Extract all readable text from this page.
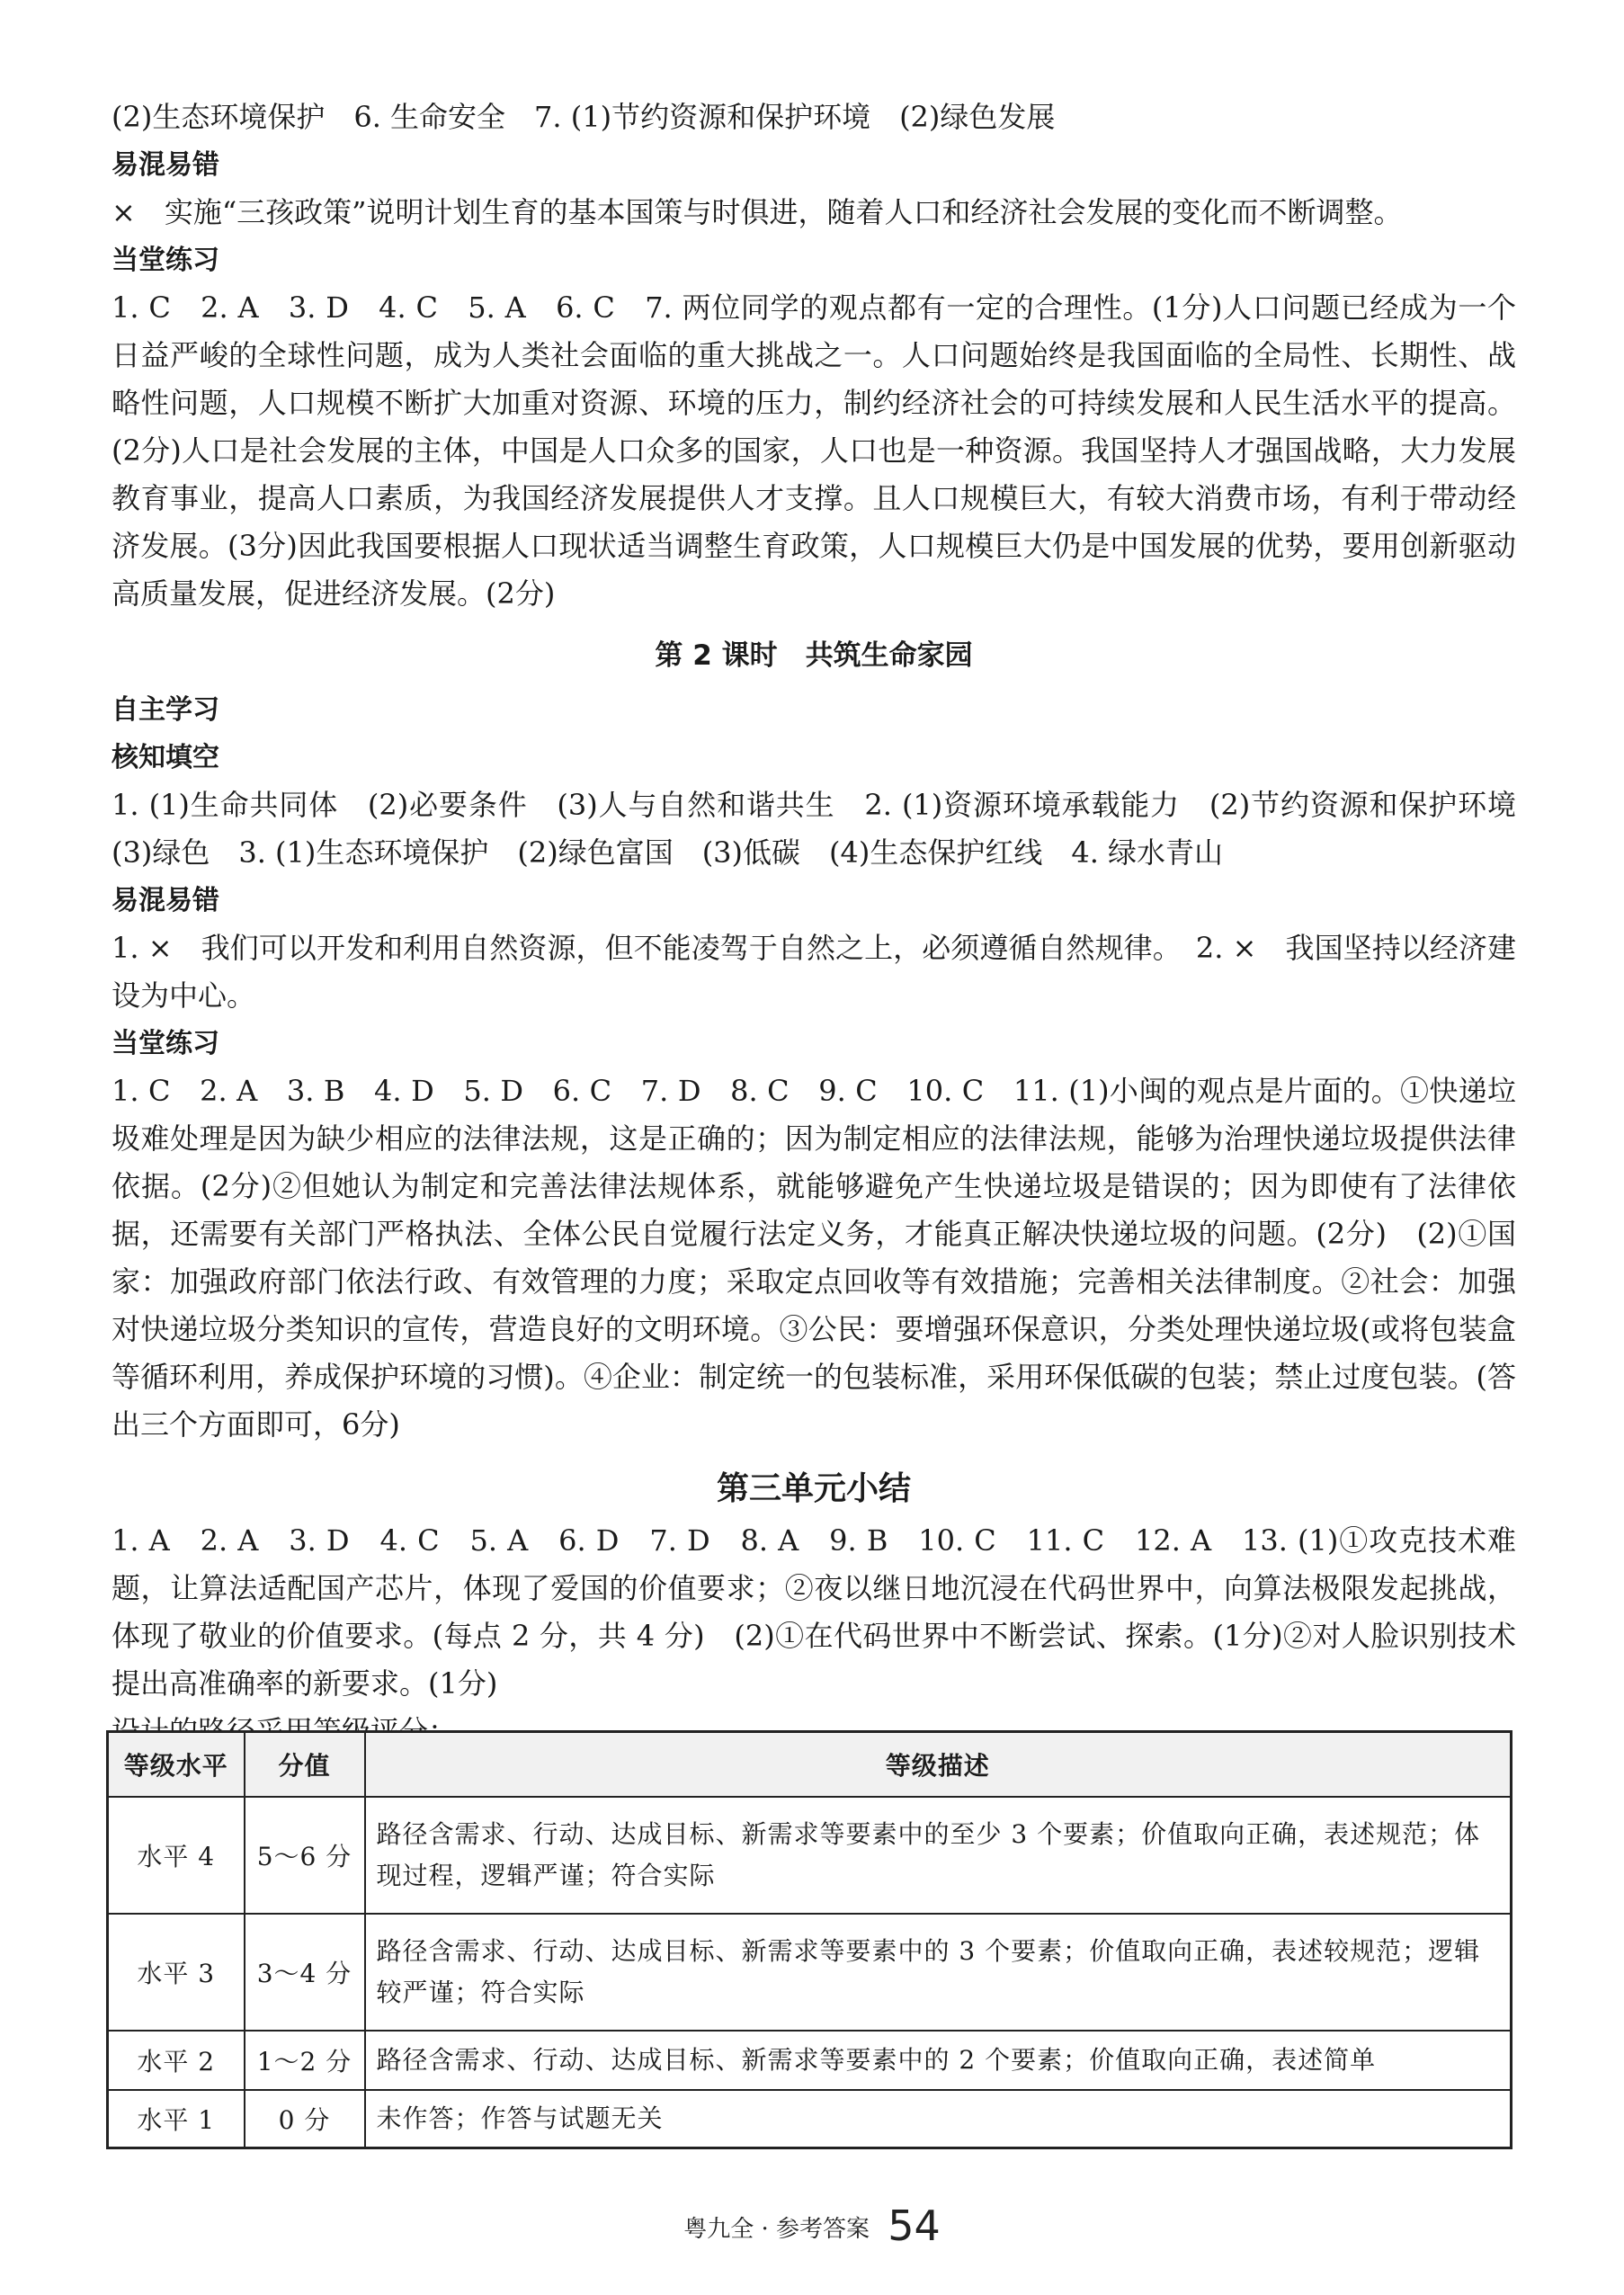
(2)生态环境保护　6. 生命安全　7. (1)节约资源和保护环境　(2)绿色发展
易混易错
×　实施“三孩政策”说明计划生育的基本国策与时俱进，随着人口和经济社会发展的变化而不断调整。
当堂练习
1. C　2. A　3. D　4. C　5. A　6. C　7. 两位同学的观点都有一定的合理性。(1分)人口问题已经成为一个日益严峻的全球性问题，成为人类社会面临的重大挑战之一。人口问题始终是我国面临的全局性、长期性、战略性问题，人口规模不断扩大加重对资源、环境的压力，制约经济社会的可持续发展和人民生活水平的提高。(2分)人口是社会发展的主体，中国是人口众多的国家，人口也是一种资源。我国坚持人才强国战略，大力发展教育事业，提高人口素质，为我国经济发展提供人才支撑。且人口规模巨大，有较大消费市场，有利于带动经济发展。(3分)因此我国要根据人口现状适当调整生育政策，人口规模巨大仍是中国发展的优势，要用创新驱动高质量发展，促进经济发展。(2分)
第 2 课时　共筑生命家园
自主学习
核知填空
1. (1)生命共同体　(2)必要条件　(3)人与自然和谐共生　2. (1)资源环境承载能力　(2)节约资源和保护环境　(3)绿色　3. (1)生态环境保护　(2)绿色富国　(3)低碳　(4)生态保护红线　4. 绿水青山
易混易错
1. ×　我们可以开发和利用自然资源，但不能凌驾于自然之上，必须遵循自然规律。　2. ×　我国坚持以经济建设为中心。
当堂练习
1. C　2. A　3. B　4. D　5. D　6. C　7. D　8. C　9. C　10. C　11. (1)小闽的观点是片面的。①快递垃圾难处理是因为缺少相应的法律法规，这是正确的；因为制定相应的法律法规，能够为治理快递垃圾提供法律依据。(2分)②但她认为制定和完善法律法规体系，就能够避免产生快递垃圾是错误的；因为即使有了法律依据，还需要有关部门严格执法、全体公民自觉履行法定义务，才能真正解决快递垃圾的问题。(2分)　(2)①国家：加强政府部门依法行政、有效管理的力度；采取定点回收等有效措施；完善相关法律制度。②社会：加强对快递垃圾分类知识的宣传，营造良好的文明环境。③公民：要增强环保意识，分类处理快递垃圾(或将包装盒等循环利用，养成保护环境的习惯)。④企业：制定统一的包装标准，采用环保低碳的包装；禁止过度包装。(答出三个方面即可，6分)
第三单元小结
1. A　2. A　3. D　4. C　5. A　6. D　7. D　8. A　9. B　10. C　11. C　12. A　13. (1)①攻克技术难题，让算法适配国产芯片，体现了爱国的价值要求；②夜以继日地沉浸在代码世界中，向算法极限发起挑战，体现了敬业的价值要求。(每点 2 分，共 4 分)　(2)①在代码世界中不断尝试、探索。(1分)②对人脸识别技术提出高准确率的新要求。(1分)
等级水平	分值	等级描述
水平 4	5～6 分	路径含需求、行动、达成目标、新需求等要素中的至少 3 个要素；价值取向正确，表述规范；体现过程，逻辑严谨；符合实际
水平 3	3～4 分	路径含需求、行动、达成目标、新需求等要素中的 3 个要素；价值取向正确，表述较规范；逻辑较严谨；符合实际
水平 2	1～2 分	路径含需求、行动、达成目标、新需求等要素中的 2 个要素；价值取向正确，表述简单
水平 1	0 分	未作答；作答与试题无关
粤九全 · 参考答案 54
